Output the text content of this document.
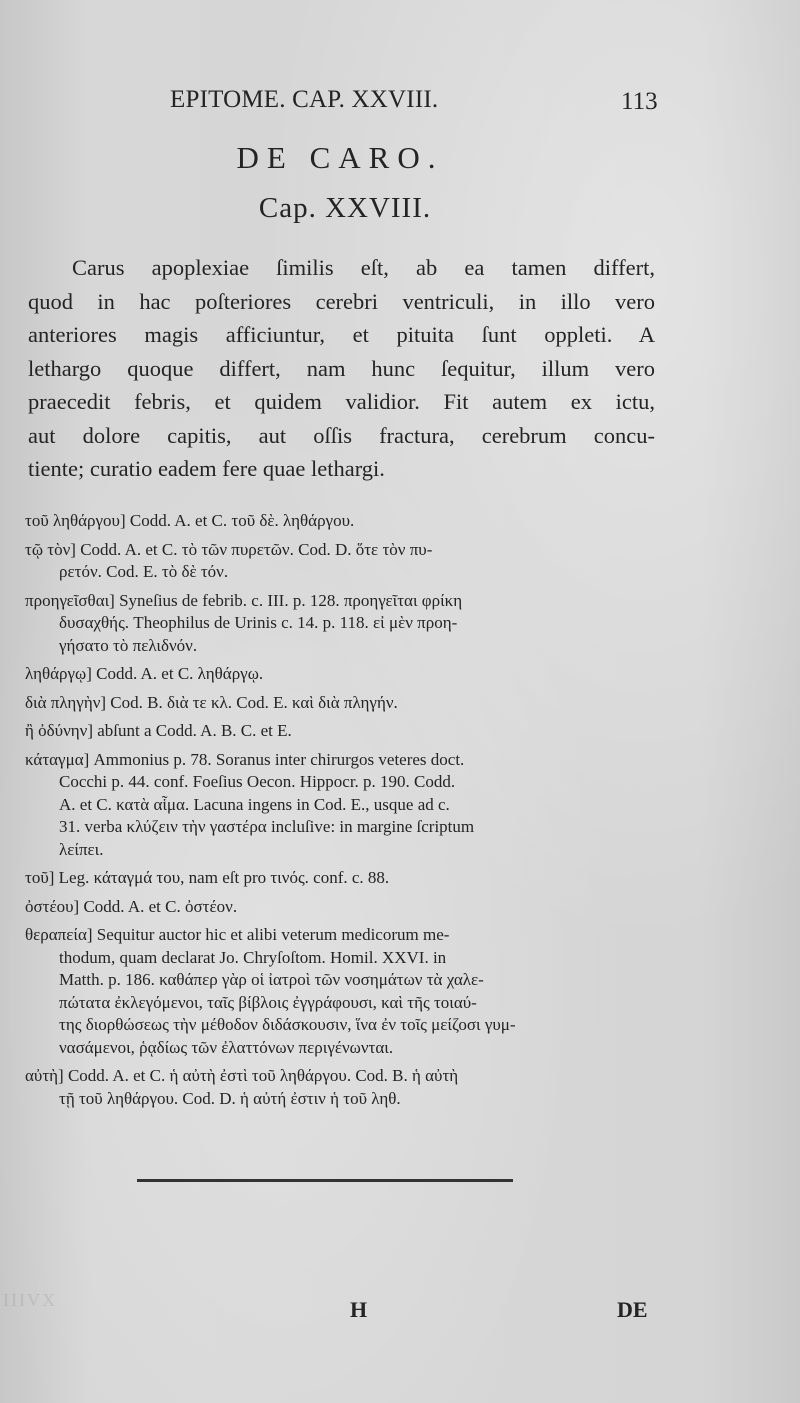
EPITOME. CAP. XXVIII.	113
DE CARO.
Cap. XXVIII.
Carus apoplexiae ſimilis eſt, ab ea tamen differt,
quod in hac poſteriores cerebri ventriculi, in illo vero
anteriores magis afficiuntur, et pituita ſunt oppleti. A
lethargo quoque differt, nam hunc ſequitur, illum vero
praecedit febris, et quidem validior. Fit autem ex ictu,
aut dolore capitis, aut oſſis fractura, cerebrum concu-
tiente; curatio eadem fere quae lethargi.
τοῦ ληθάργου] Codd. A. et C. τοῦ δὲ. ληθάργου.
τῷ τὸν] Codd. A. et C. τὸ τῶν πυρετῶν. Cod. D. ὅτε τὸν πυ-
ρετόν. Cod. E. τὸ δὲ τόν.
προηγεῖσθαι] Syneſius de febrib. c. III. p. 128. προηγεῖται φρίκη
δυσαχθής. Theophilus de Urinis c. 14. p. 118. εἰ μὲν προη-
γήσατο τὸ πελιδνόν.
ληθάργῳ] Codd. A. et C. ληθάργῳ.
διὰ πληγὴν] Cod. B. διὰ τε κλ. Cod. E. καὶ διὰ πληγήν.
ἢ ὀδύνην] abſunt a Codd. A. B. C. et E.
κάταγμα] Ammonius p. 78. Soranus inter chirurgos veteres doct.
Cocchi p. 44. conf. Foeſius Oecon. Hippocr. p. 190. Codd.
A. et C. κατὰ αἷμα. Lacuna ingens in Cod. E., usque ad c.
31. verba κλύζειν τὴν γαστέρα incluſive: in margine ſcriptum
λείπει.
τοῦ] Leg. κάταγμά του, nam eſt pro τινός. conf. c. 88.
ὀστέου] Codd. A. et C. ὀστέον.
θεραπεία] Sequitur auctor hic et alibi veterum medicorum me-
thodum, quam declarat Jo. Chryſoſtom. Homil. XXVI. in
Matth. p. 186. καθάπερ γὰρ οἱ ἰατροὶ τῶν νοσημάτων τὰ χαλε-
πώτατα ἐκλεγόμενοι, ταῖς βίβλοις ἐγγράφουσι, καὶ τῆς τοιαύ-
της διορθώσεως τὴν μέθοδον διδάσκουσιν, ἵνα ἐν τοῖς μείζοσι γυμ-
νασάμενοι, ῥᾳδίως τῶν ἐλαττόνων περιγένωνται.
αὐτὴ] Codd. A. et C. ἡ αὐτὴ ἐστὶ τοῦ ληθάργου. Cod. B. ἡ αὐτὴ
τῇ τοῦ ληθάργου. Cod. D. ἡ αὐτή ἐστιν ἡ τοῦ ληθ.
IIIVX	H	DE
